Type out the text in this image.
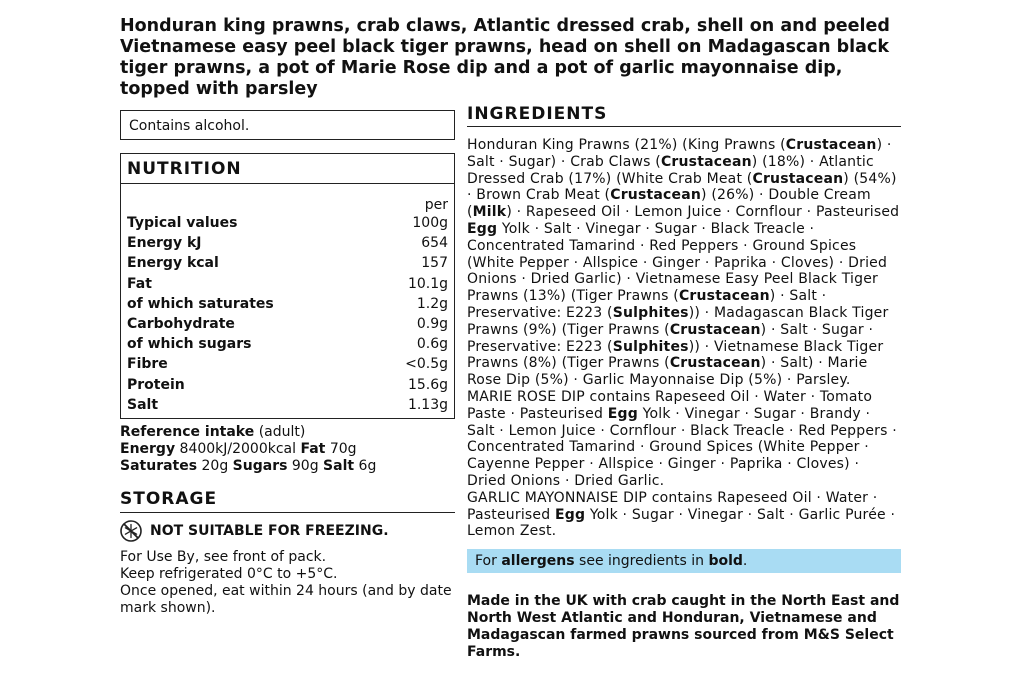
Honduran king prawns, crab claws, Atlantic dressed crab, shell on and peeled Vietnamese easy peel black tiger prawns, head on shell on Madagascan black tiger prawns, a pot of Marie Rose dip and a pot of garlic mayonnaise dip, topped with parsley
Contains alcohol.
NUTRITION
per
Typical values	100g
Energy kJ	654
Energy kcal	157
Fat	10.1g
of which saturates	1.2g
Carbohydrate	0.9g
of which sugars	0.6g
Fibre	<0.5g
Protein	15.6g
Salt	1.13g
Reference intake (adult)
Energy 8400kJ/2000kcal Fat 70g
Saturates 20g Sugars 90g Salt 6g
STORAGE
NOT SUITABLE FOR FREEZING.
For Use By, see front of pack.
Keep refrigerated 0°C to +5°C.
Once opened, eat within 24 hours (and by date mark shown).
INGREDIENTS
Honduran King Prawns (21%) (King Prawns (Crustacean) · Salt · Sugar) · Crab Claws (Crustacean) (18%) · Atlantic Dressed Crab (17%) (White Crab Meat (Crustacean) (54%) · Brown Crab Meat (Crustacean) (26%) · Double Cream (Milk) · Rapeseed Oil · Lemon Juice · Cornflour · Pasteurised Egg Yolk · Salt · Vinegar · Sugar · Black Treacle · Concentrated Tamarind · Red Peppers · Ground Spices (White Pepper · Allspice · Ginger · Paprika · Cloves) · Dried Onions · Dried Garlic) · Vietnamese Easy Peel Black Tiger Prawns (13%) (Tiger Prawns (Crustacean) · Salt · Preservative: E223 (Sulphites)) · Madagascan Black Tiger Prawns (9%) (Tiger Prawns (Crustacean) · Salt · Sugar · Preservative: E223 (Sulphites)) · Vietnamese Black Tiger Prawns (8%) (Tiger Prawns (Crustacean) · Salt) · Marie Rose Dip (5%) · Garlic Mayonnaise Dip (5%) · Parsley.
MARIE ROSE DIP contains Rapeseed Oil · Water · Tomato Paste · Pasteurised Egg Yolk · Vinegar · Sugar · Brandy · Salt · Lemon Juice · Cornflour · Black Treacle · Red Peppers · Concentrated Tamarind · Ground Spices (White Pepper · Cayenne Pepper · Allspice · Ginger · Paprika · Cloves) · Dried Onions · Dried Garlic.
GARLIC MAYONNAISE DIP contains Rapeseed Oil · Water · Pasteurised Egg Yolk · Sugar · Vinegar · Salt · Garlic Purée · Lemon Zest.
For allergens see ingredients in bold.
Made in the UK with crab caught in the North East and North West Atlantic and Honduran, Vietnamese and Madagascan farmed prawns sourced from M&S Select Farms.
